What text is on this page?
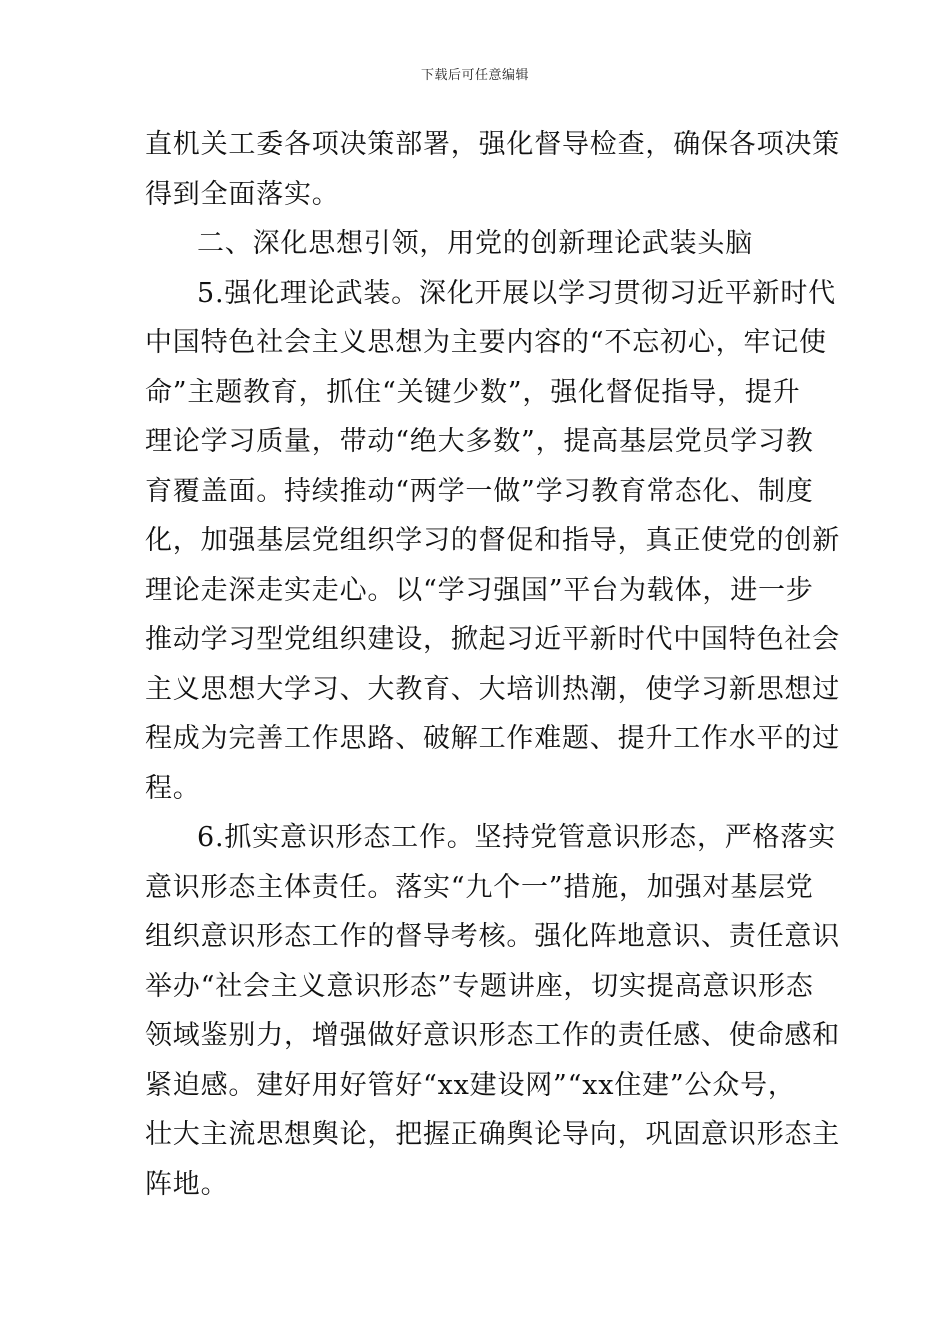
下载后可任意编辑
直机关工委各项决策部署，强化督导检查，确保各项决策
得到全面落实。
二、深化思想引领，用党的创新理论武装头脑
5.强化理论武装。深化开展以学习贯彻习近平新时代
中国特色社会主义思想为主要内容的“不忘初心，牢记使
命”主题教育，抓住“关键少数”，强化督促指导，提升
理论学习质量，带动“绝大多数”，提高基层党员学习教
育覆盖面。持续推动“两学一做”学习教育常态化、制度
化，加强基层党组织学习的督促和指导，真正使党的创新
理论走深走实走心。以“学习强国”平台为载体，进一步
推动学习型党组织建设，掀起习近平新时代中国特色社会
主义思想大学习、大教育、大培训热潮，使学习新思想过
程成为完善工作思路、破解工作难题、提升工作水平的过
程。
6.抓实意识形态工作。坚持党管意识形态，严格落实
意识形态主体责任。落实“九个一”措施，加强对基层党
组织意识形态工作的督导考核。强化阵地意识、责任意识
举办“社会主义意识形态”专题讲座，切实提高意识形态
领域鉴别力，增强做好意识形态工作的责任感、使命感和
紧迫感。建好用好管好“xx建设网”“xx住建”公众号，
壮大主流思想舆论，把握正确舆论导向，巩固意识形态主
阵地。
